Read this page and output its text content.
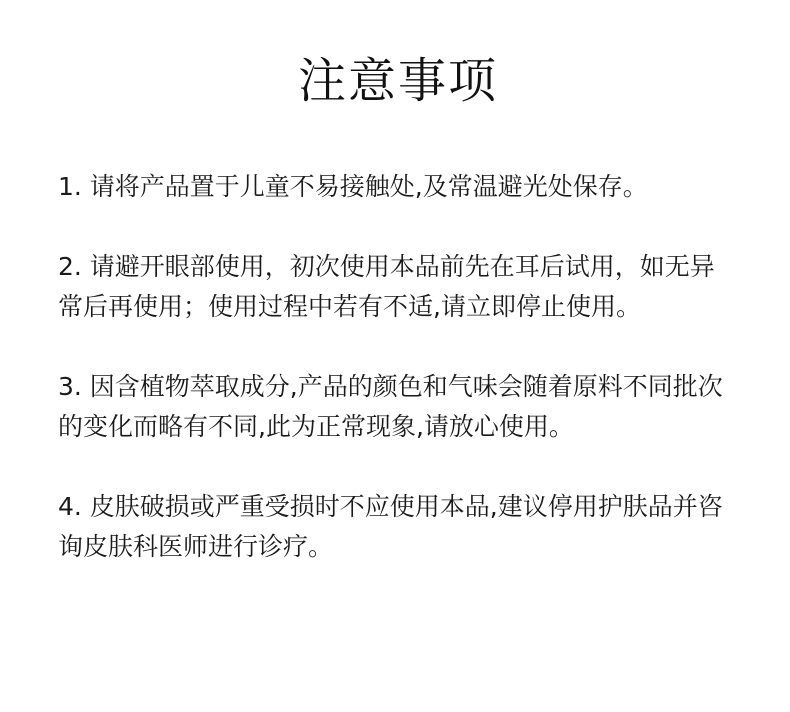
注意事项

1. 请将产品置于儿童不易接触处,及常温避光处保存。

2. 请避开眼部使用，初次使用本品前先在耳后试用，如无异常后再使用；使用过程中若有不适,请立即停止使用。

3. 因含植物萃取成分,产品的颜色和气味会随着原料不同批次的变化而略有不同,此为正常现象,请放心使用。

4. 皮肤破损或严重受损时不应使用本品,建议停用护肤品并咨询皮肤科医师进行诊疗。
